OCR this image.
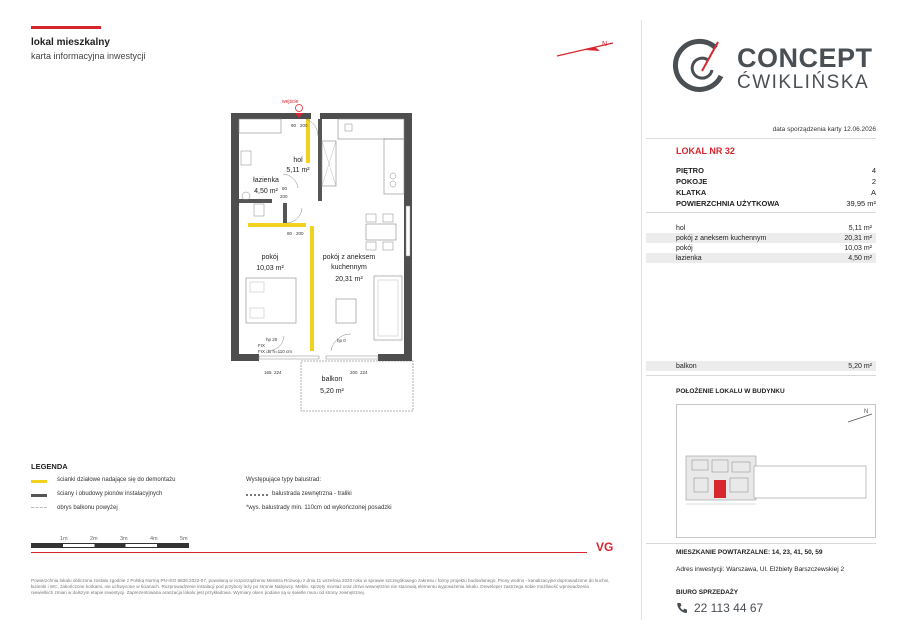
lokal mieszkalny
karta informacyjna inwestycji
N	CONCEPT
ĆWIKLIŃSKA
data sporządzenia karty 12.06.2026
LOKAL NR 32
PIĘTRO	4
POKOJE	2
KLATKA	A
POWIERZCHNIA UŻYTKOWA	39,95 m²
hol	5,11 m²
pokój z aneksem kuchennym	20,31 m²
pokój	10,03 m²
łazienka	4,50 m²
balkon	5,20 m²
POŁOŻENIE LOKALU W BUDYNKU
N
MIESZKANIE POWTARZALNE: 14, 23, 41, 50, 59
Adres inwestycji: Warszawa, Ul. Elżbiety Barszczewskiej 2
BIURO SPRZEDAŻY
22 113 44 67
wejście
hol
5,11 m²
łazienka
4,50 m²
pokój
10,03 m²
pokój z aneksem
kuchennym
20,31 m²
balkon
5,20 m²
90 200
80
200
80 200
hp 20
FIX
FIX do h=110 cm
hp 0
165 224	200 224
LEGENDA
ścianki działowe nadające się do demontażu
ściany i obudowy pionów instalacyjnych
obrys balkonu powyżej
Występujące typy balustrad:
balustrada zewnętrzna - traliki
*wys. balustrady min. 110cm od wykończonej posadzki
1m	2m	3m	4m	5m
VG
Powierzchnia lokalu obliczona została zgodnie z Polską Normą PN-ISO 9836:2022-07, powołaną w rozporządzeniu Ministra Rozwoju z dnia 11 września 2020 roku w sprawie szczegółowego zakresu i formy projektu budowlanego. Piony wodno - kanalizacyjne doprowadzone do kuchni, łazienki i WC, zakończone korkami, nie uchwycone w ścianach. Rozprowadzenie instalacji pod przybory leży po stronie Nabywcy. Meble, sprzęty montaż oraz drzwi wewnętrzne nie stanowią elementu wyposażenia lokalu. Deweloper zastrzega sobie możliwość wprowadzenia niewielkich zmian w dalszym etapie inwestycji. Zaprezentowana aranżacja lokalu jest przykładowa. Wymiary okien podane są w świetle muru od strony zewnętrznej.
